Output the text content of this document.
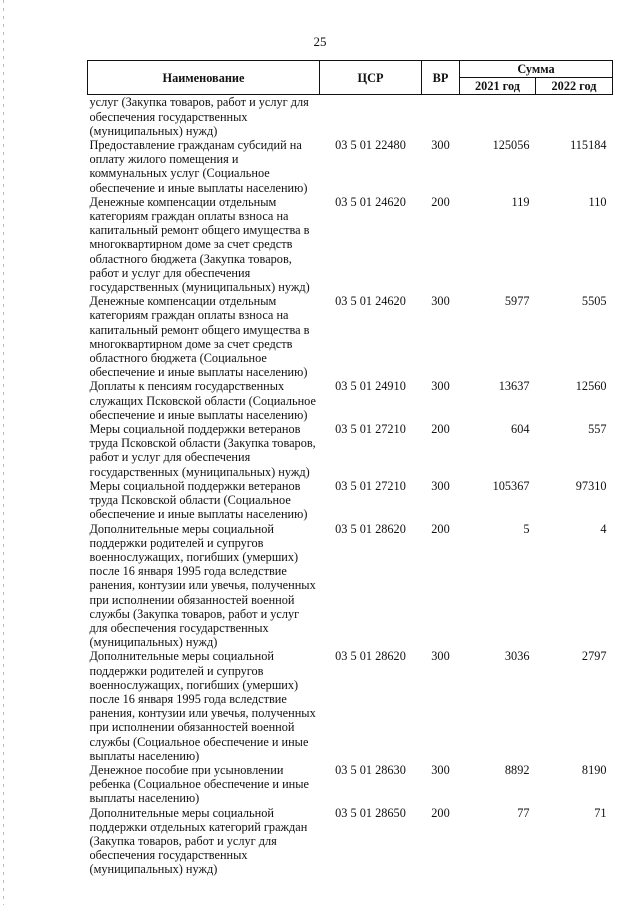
25
Наименование	ЦСР	ВР	Сумма	
			2021 год	2022 год
услуг (Закупка товаров, работ и услуг для обеспечения государственных (муниципальных) нужд)				
Предоставление гражданам субсидий на оплату жилого помещения и коммунальных услуг (Социальное обеспечение и иные выплаты населению)	03 5 01 22480	300	125056	115184
Денежные компенсации отдельным категориям граждан оплаты взноса на капитальный ремонт общего имущества в многоквартирном доме за счет средств областного бюджета (Закупка товаров, работ и услуг для обеспечения государственных (муниципальных) нужд)	03 5 01 24620	200	119	110
Денежные компенсации отдельным категориям граждан оплаты взноса на капитальный ремонт общего имущества в многоквартирном доме за счет средств областного бюджета (Социальное обеспечение и иные выплаты населению)	03 5 01 24620	300	5977	5505
Доплаты к пенсиям государственных служащих Псковской области (Социальное обеспечение и иные выплаты населению)	03 5 01 24910	300	13637	12560
Меры социальной поддержки ветеранов труда Псковской области (Закупка товаров, работ и услуг для обеспечения государственных (муниципальных) нужд)	03 5 01 27210	200	604	557
Меры социальной поддержки ветеранов труда Псковской области (Социальное обеспечение и иные выплаты населению)	03 5 01 27210	300	105367	97310
Дополнительные меры социальной поддержки родителей и супругов военнослужащих, погибших (умерших) после 16 января 1995 года вследствие ранения, контузии или увечья, полученных при исполнении обязанностей военной службы (Закупка товаров, работ и услуг для обеспечения государственных (муниципальных) нужд)	03 5 01 28620	200	5	4
Дополнительные меры социальной поддержки родителей и супругов военнослужащих, погибших (умерших) после 16 января 1995 года вследствие ранения, контузии или увечья, полученных при исполнении обязанностей военной службы (Социальное обеспечение и иные выплаты населению)	03 5 01 28620	300	3036	2797
Денежное пособие при усыновлении ребенка (Социальное обеспечение и иные выплаты населению)	03 5 01 28630	300	8892	8190
Дополнительные меры социальной поддержки отдельных категорий граждан (Закупка товаров, работ и услуг для обеспечения государственных (муниципальных) нужд)	03 5 01 28650	200	77	71
